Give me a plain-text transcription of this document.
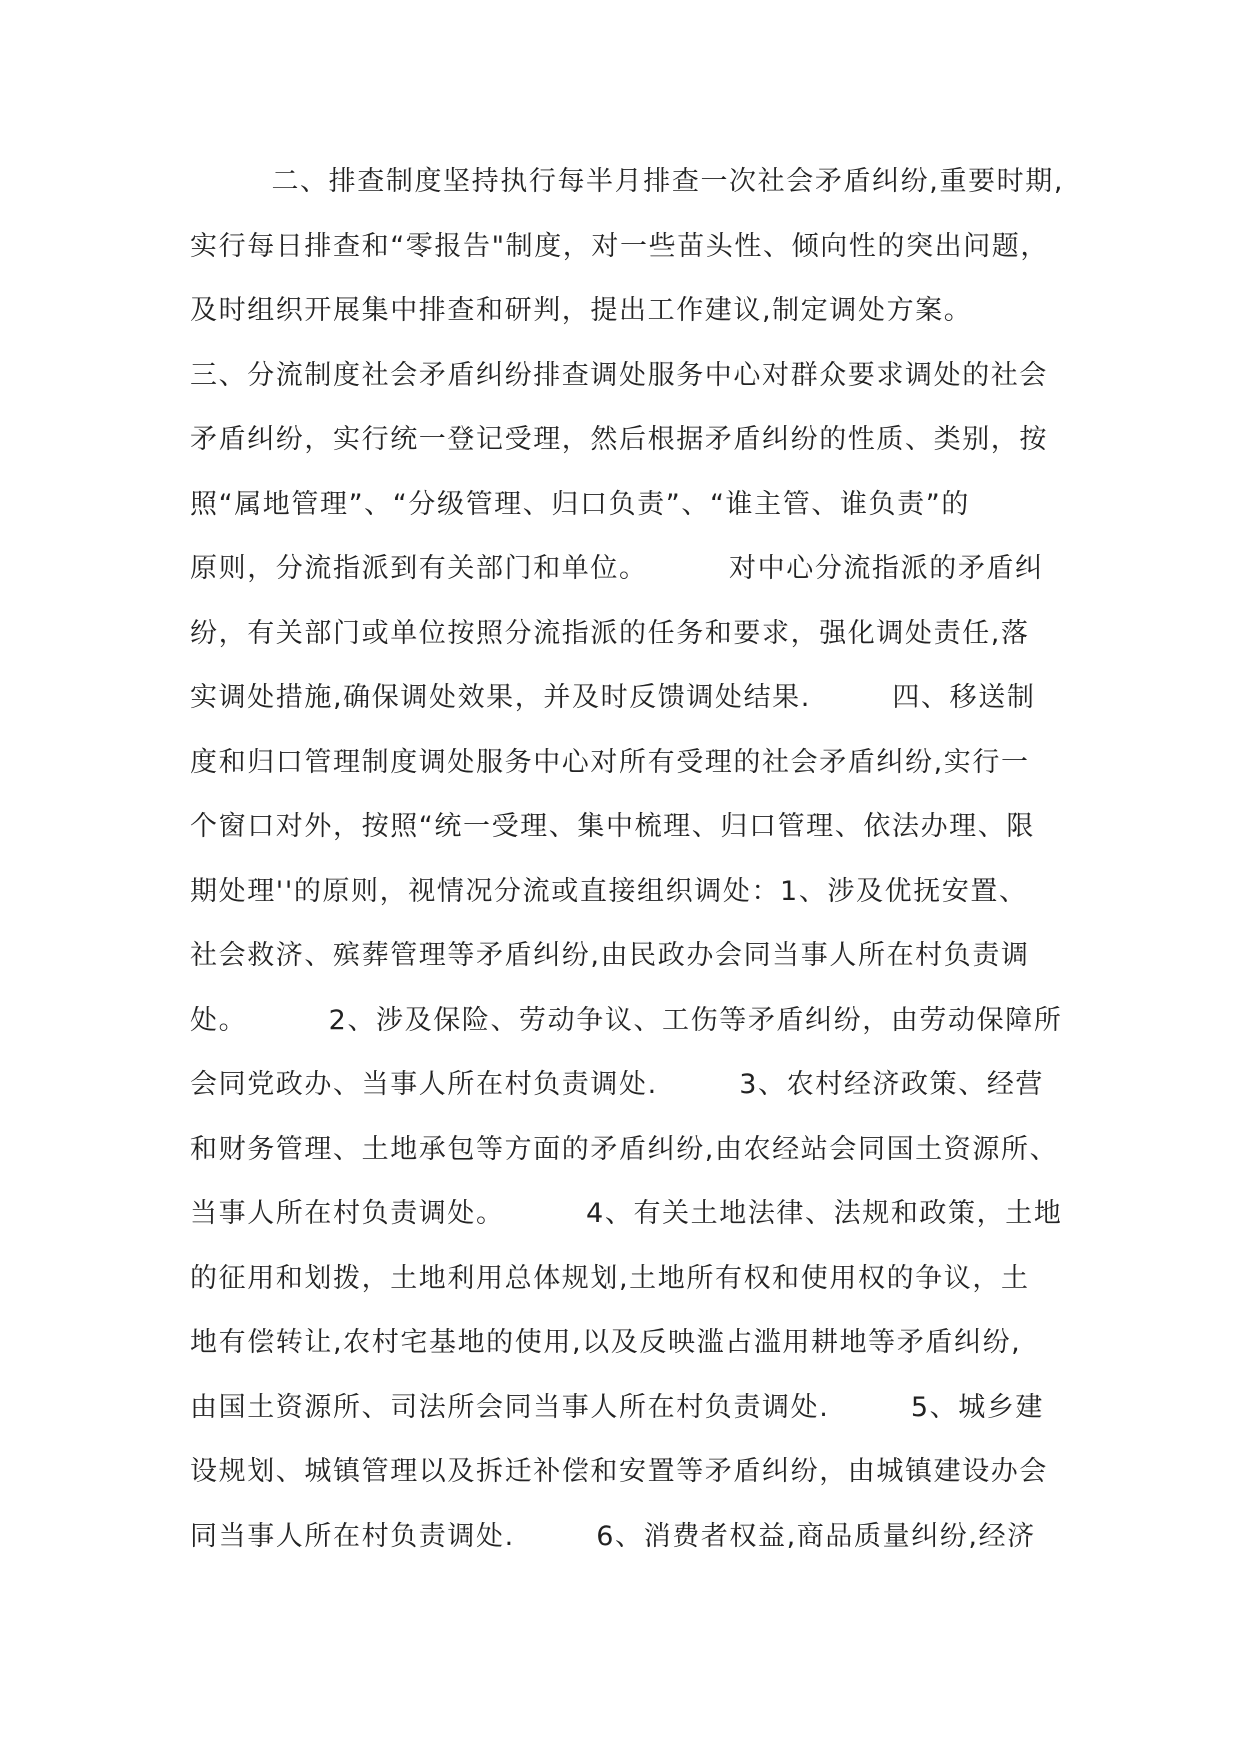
二、排查制度坚持执行每半月排查一次社会矛盾纠纷,重要时期,
实行每日排查和“零报告"制度，对一些苗头性、倾向性的突出问题，
及时组织开展集中排查和研判，提出工作建议,制定调处方案。
三、分流制度社会矛盾纠纷排查调处服务中心对群众要求调处的社会
矛盾纠纷，实行统一登记受理，然后根据矛盾纠纷的性质、类别，按
照“属地管理”、“分级管理、归口负责”、“谁主管、谁负责”的
原则，分流指派到有关部门和单位。        对中心分流指派的矛盾纠
纷，有关部门或单位按照分流指派的任务和要求，强化调处责任,落
实调处措施,确保调处效果，并及时反馈调处结果.        四、移送制
度和归口管理制度调处服务中心对所有受理的社会矛盾纠纷,实行一
个窗口对外，按照“统一受理、集中梳理、归口管理、依法办理、限
期处理''的原则，视情况分流或直接组织调处：1、涉及优抚安置、
社会救济、殡葬管理等矛盾纠纷,由民政办会同当事人所在村负责调
处。        2、涉及保险、劳动争议、工伤等矛盾纠纷，由劳动保障所
会同党政办、当事人所在村负责调处.        3、农村经济政策、经营
和财务管理、土地承包等方面的矛盾纠纷,由农经站会同国土资源所、
当事人所在村负责调处。        4、有关土地法律、法规和政策，土地
的征用和划拨，土地利用总体规划,土地所有权和使用权的争议，土
地有偿转让,农村宅基地的使用,以及反映滥占滥用耕地等矛盾纠纷,
由国土资源所、司法所会同当事人所在村负责调处.        5、城乡建
设规划、城镇管理以及拆迁补偿和安置等矛盾纠纷，由城镇建设办会
同当事人所在村负责调处.        6、消费者权益,商品质量纠纷,经济
